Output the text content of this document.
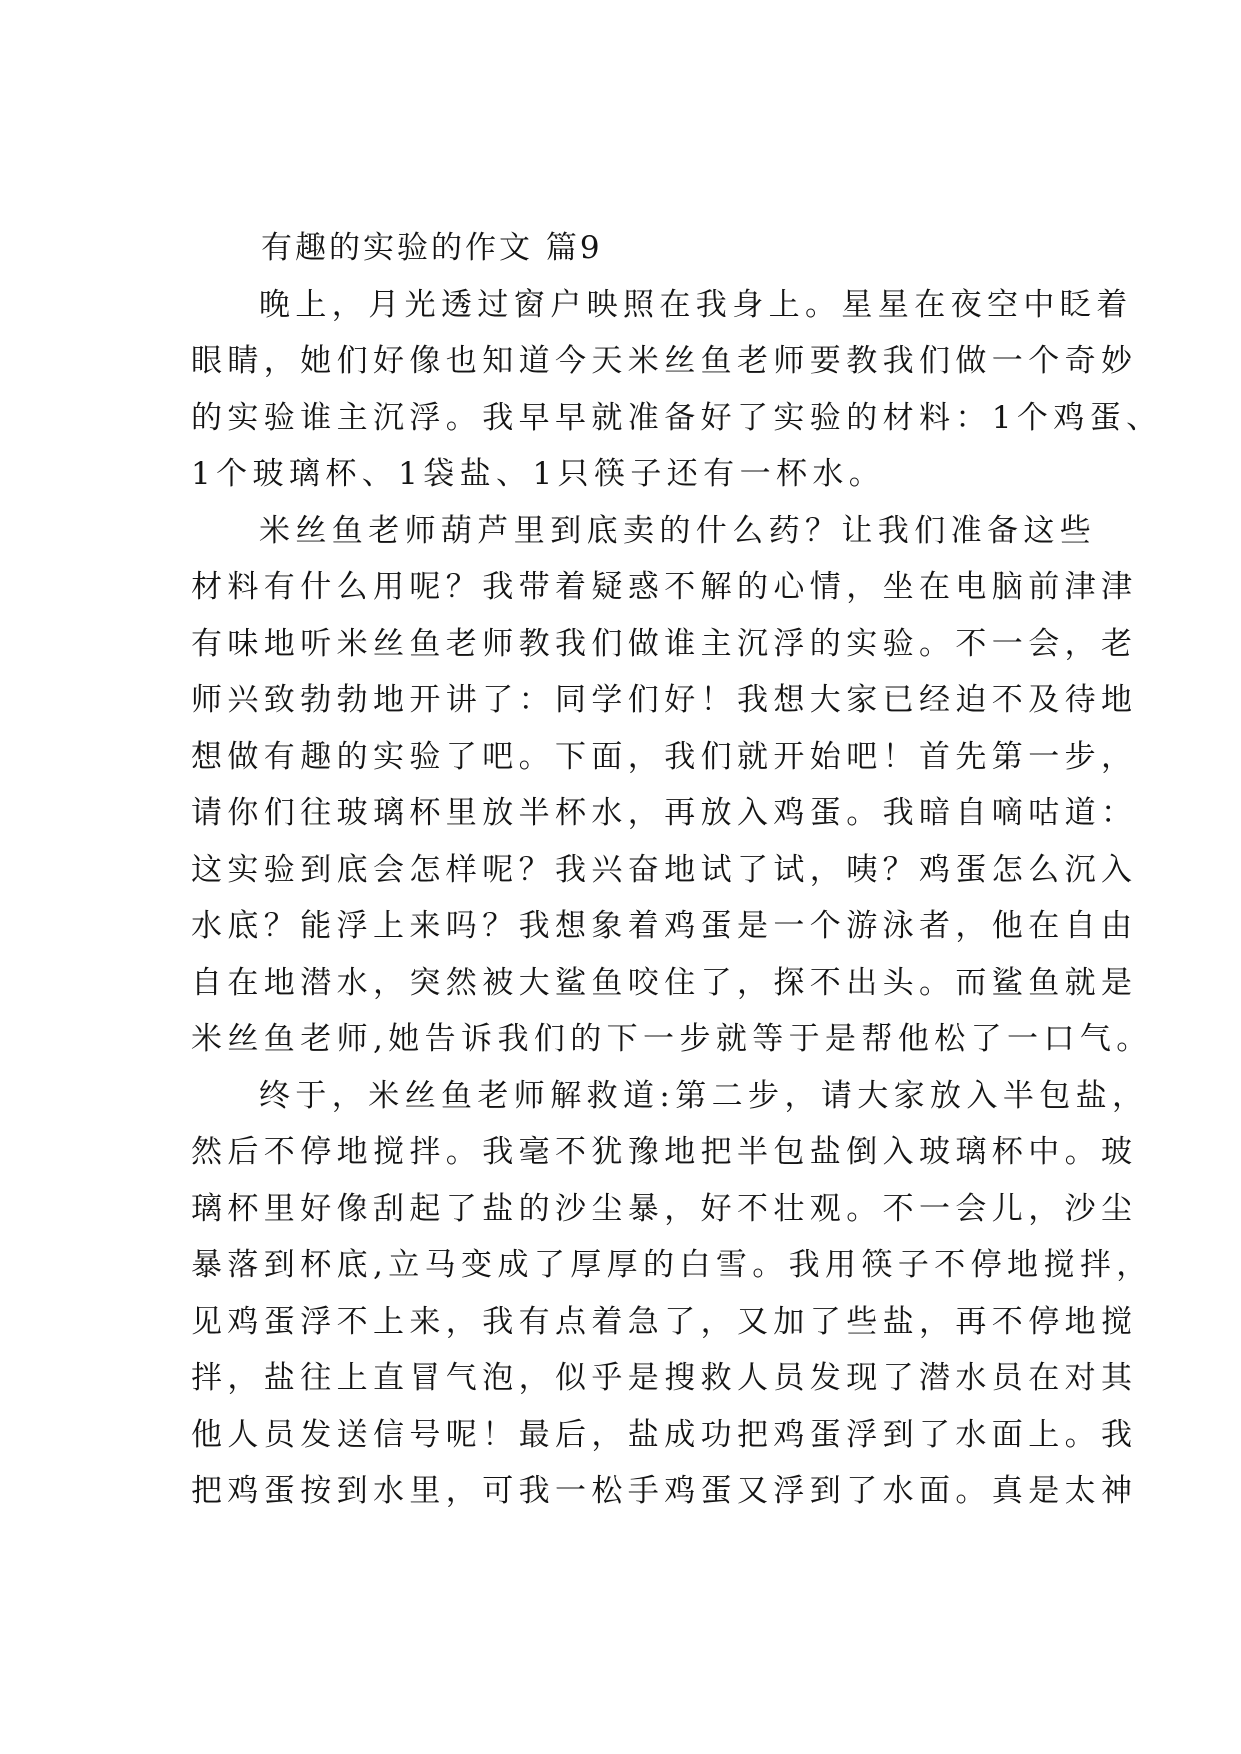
有趣的实验的作文 篇9

晚上，月光透过窗户映照在我身上。星星在夜空中眨着
眼睛，她们好像也知道今天米丝鱼老师要教我们做一个奇妙
的实验谁主沉浮。我早早就准备好了实验的材料：1个鸡蛋、
1个玻璃杯、1袋盐、1只筷子还有一杯水。

米丝鱼老师葫芦里到底卖的什么药？让我们准备这些
材料有什么用呢？我带着疑惑不解的心情，坐在电脑前津津
有味地听米丝鱼老师教我们做谁主沉浮的实验。不一会，老
师兴致勃勃地开讲了：同学们好！我想大家已经迫不及待地
想做有趣的实验了吧。下面，我们就开始吧！首先第一步，
请你们往玻璃杯里放半杯水，再放入鸡蛋。我暗自嘀咕道：
这实验到底会怎样呢？我兴奋地试了试，咦？鸡蛋怎么沉入
水底？能浮上来吗？我想象着鸡蛋是一个游泳者，他在自由
自在地潜水，突然被大鲨鱼咬住了，探不出头。而鲨鱼就是
米丝鱼老师,她告诉我们的下一步就等于是帮他松了一口气。

终于，米丝鱼老师解救道:第二步，请大家放入半包盐，
然后不停地搅拌。我毫不犹豫地把半包盐倒入玻璃杯中。玻
璃杯里好像刮起了盐的沙尘暴，好不壮观。不一会儿，沙尘
暴落到杯底,立马变成了厚厚的白雪。我用筷子不停地搅拌，
见鸡蛋浮不上来，我有点着急了，又加了些盐，再不停地搅
拌，盐往上直冒气泡，似乎是搜救人员发现了潜水员在对其
他人员发送信号呢！最后，盐成功把鸡蛋浮到了水面上。我
把鸡蛋按到水里，可我一松手鸡蛋又浮到了水面。真是太神
